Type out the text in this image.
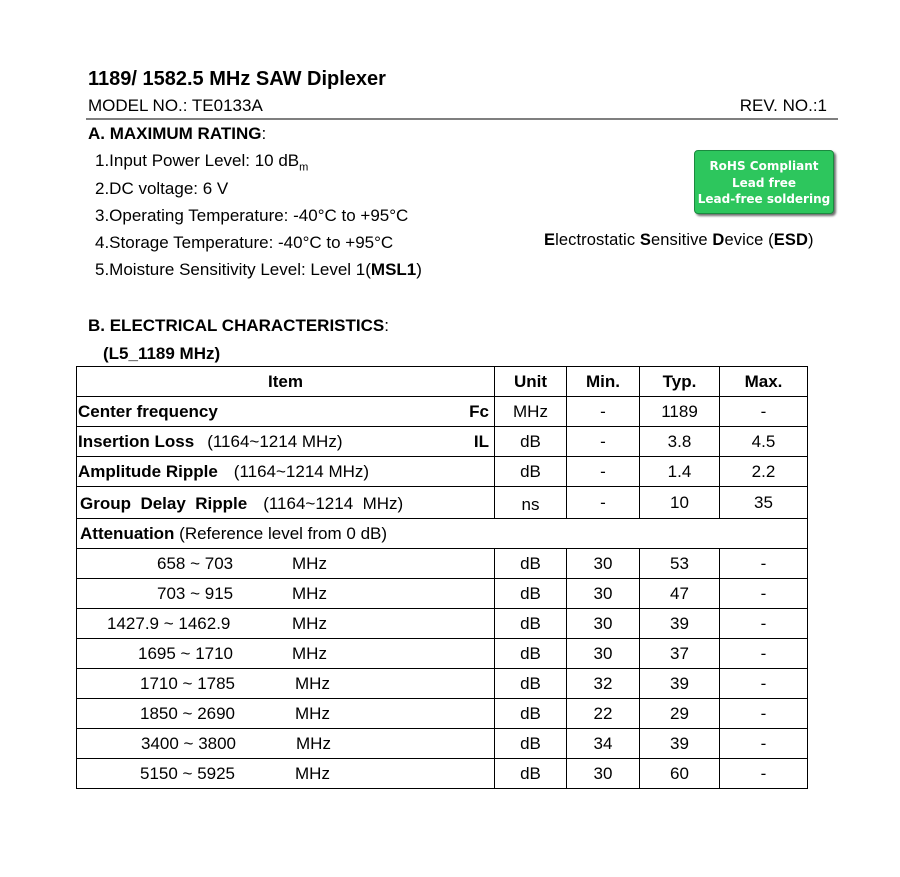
1189/ 1582.5 MHz SAW Diplexer
MODEL NO.: TE0133A	REV. NO.:1
A. MAXIMUM RATING:
1.Input Power Level: 10 $dB_m$
2.DC voltage: 6 V
3.Operating Temperature: -40°C to +95°C
4.Storage Temperature: -40°C to +95°C
5.Moisture Sensitivity Level: Level 1(MSL1)
RoHS Compliant
Lead free
Lead-free soldering
Electrostatic Sensitive Device (ESD)
B. ELECTRICAL CHARACTERISTICS:
(L5_1189 MHz)
Item	Unit	Min.	Typ.	Max.

Center frequency Fc	MHz	-	1189	-

Insertion Loss (1164~1214 MHz) IL	dB	-	3.8	4.5

Amplitude Ripple (1164~1214 MHz)	dB	-	1.4	2.2

Group  Delay  Ripple (1164~1214  MHz)	ns	-	10	35
Attenuation (Reference level from 0 dB)				

658 ~ 703 MHz	dB	30	53	-

703 ~ 915 MHz	dB	30	47	-

1427.9 ~ 1462.9 MHz	dB	30	39	-

1695 ~ 1710 MHz	dB	30	37	-

1710 ~ 1785 MHz	dB	32	39	-

1850 ~ 2690 MHz	dB	22	29	-

3400 ~ 3800 MHz	dB	34	39	-

5150 ~ 5925 MHz	dB	30	60	-
